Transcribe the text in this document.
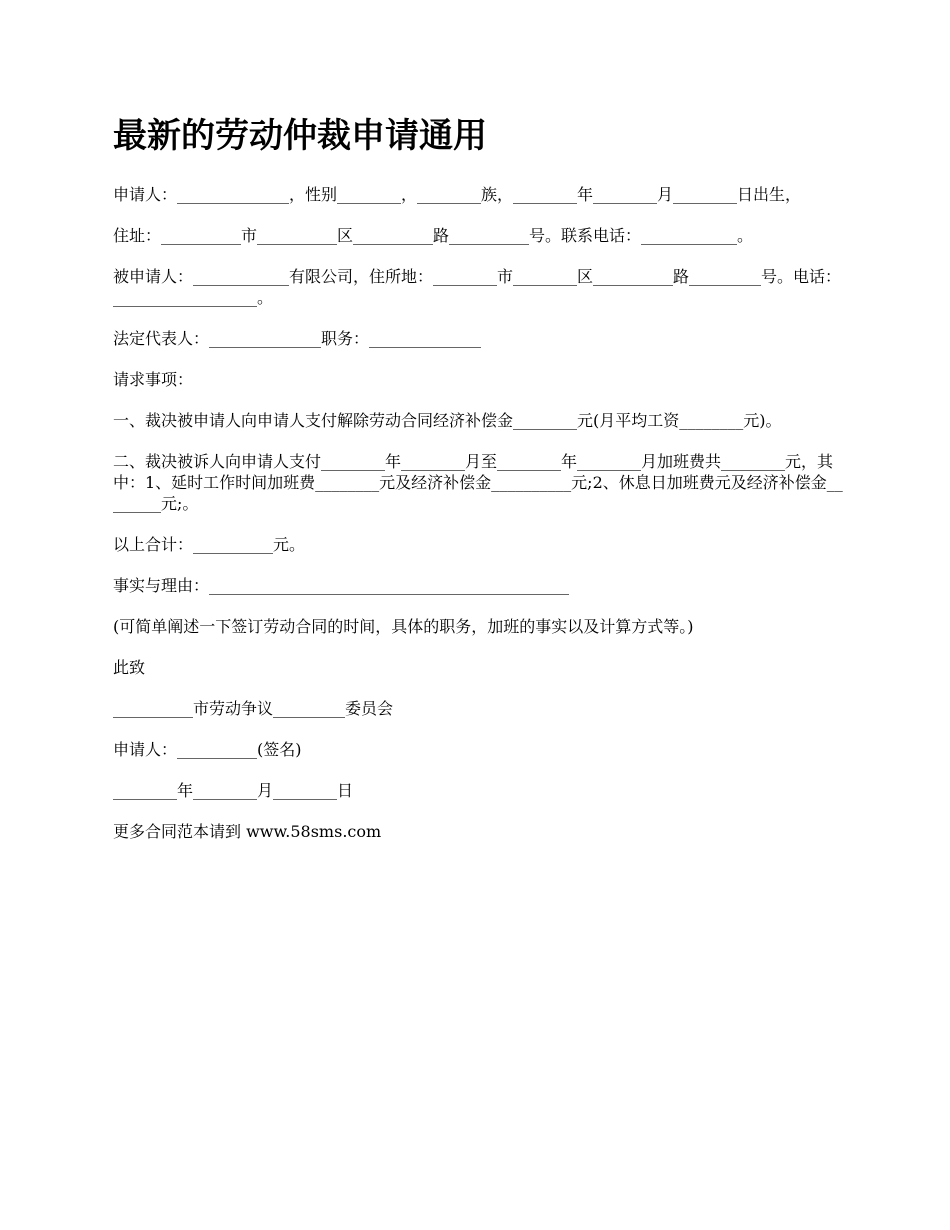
最新的劳动仲裁申请通用

申请人：______________，性别________，________族，________年________月________日出生，

住址：__________市__________区__________路__________号。联系电话：____________。

被申请人：____________有限公司，住所地：________市________区__________路_________号。电话：__________________。

法定代表人：______________职务：______________

请求事项：

一、裁决被申请人向申请人支付解除劳动合同经济补偿金________元(月平均工资________元)。

二、裁决被诉人向申请人支付________年________月至________年________月加班费共________元，其中：1、延时工作时间加班费________元及经济补偿金__________元;2、休息日加班费元及经济补偿金________元;。

以上合计：__________元。

事实与理由：_____________________________________________

(可简单阐述一下签订劳动合同的时间，具体的职务，加班的事实以及计算方式等。)

此致

__________市劳动争议_________委员会

申请人：__________(签名)

________年________月________日

更多合同范本请到 www.58sms.com
